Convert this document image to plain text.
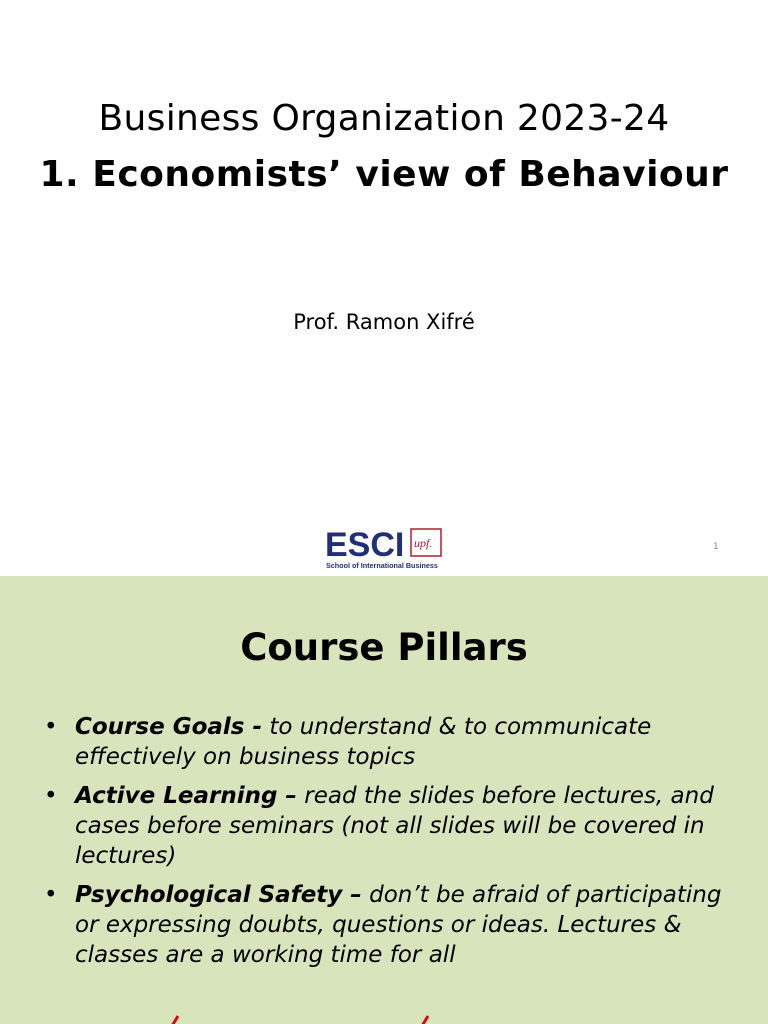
Business Organization 2023-24
1. Economists’ view of Behaviour
Prof. Ramon Xifré
ESCI upf.
School of International Business
1
Course Pillars
• Course Goals - to understand & to communicate effectively on business topics
• Active Learning – read the slides before lectures, and cases before seminars (not all slides will be covered in lectures)
• Psychological Safety – don’t be afraid of participating or expressing doubts, questions or ideas. Lectures & classes are a working time for all
